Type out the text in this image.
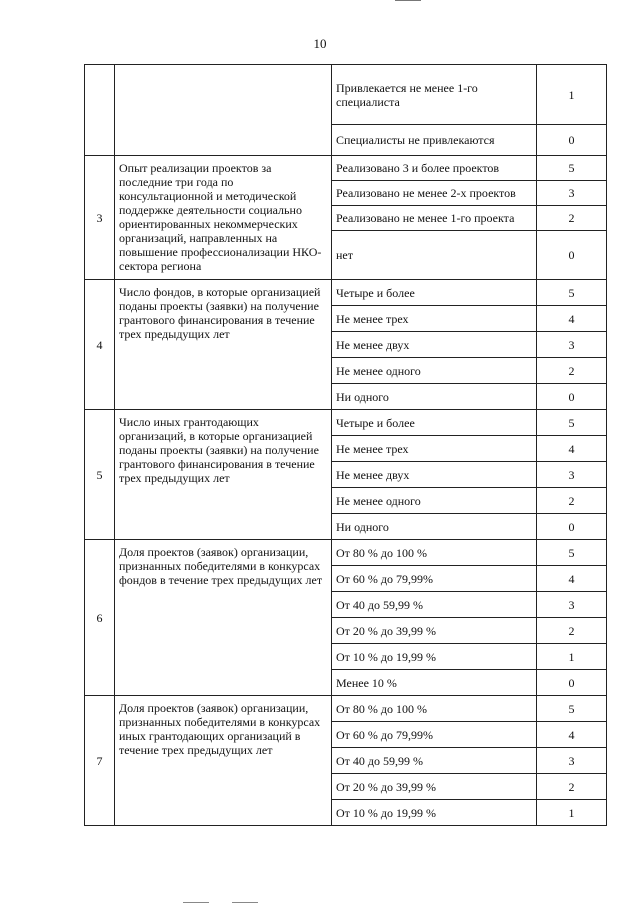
10
		Привлекается не менее 1-го специалиста	1
		Специалисты не привлекаются	0
3	Опыт реализации проектов за последние три года по консультационной и методической поддержке деятельности социально ориентированных некоммерческих организаций, направленных на повышение профессионализации НКО-сектора региона	Реализовано 3 и более проектов	5
		Реализовано не менее 2-х проектов	3
		Реализовано не менее 1-го проекта	2
		нет	0
4	Число фондов, в которые организацией поданы проекты (заявки) на получение грантового финансирования в течение трех предыдущих лет	Четыре и более	5
		Не менее трех	4
		Не менее двух	3
		Не менее одного	2
		Ни одного	0
5	Число иных грантодающих организаций, в которые организацией поданы проекты (заявки) на получение грантового финансирования в течение трех предыдущих лет	Четыре и более	5
		Не менее трех	4
		Не менее двух	3
		Не менее одного	2
		Ни одного	0
6	Доля проектов (заявок) организации, признанных победителями в конкурсах фондов в течение трех предыдущих лет	От 80 % до 100 %	5
		От 60 % до 79,99%	4
		От 40 до 59,99 %	3
		От 20 % до 39,99 %	2
		От 10 % до 19,99 %	1
		Менее 10 %	0
7	Доля проектов (заявок) организации, признанных победителями в конкурсах иных грантодающих организаций в течение трех предыдущих лет	От 80 % до 100 %	5
		От 60 % до 79,99%	4
		От 40 до 59,99 %	3
		От 20 % до 39,99 %	2
		От 10 % до 19,99 %	1
